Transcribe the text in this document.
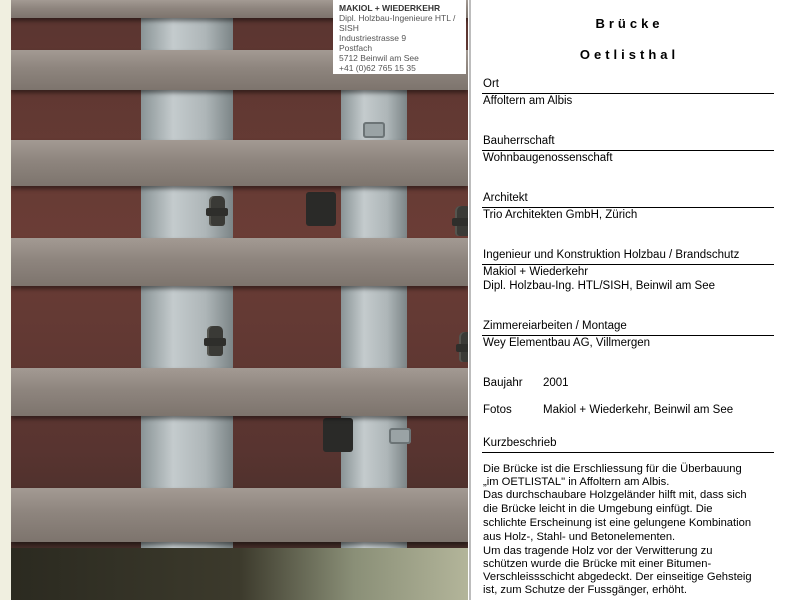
MAKIOL + WIEDERKEHR
Dipl. Holzbau-Ingenieure HTL /
SISH
Industriestrasse 9
Postfach
5712 Beinwil am See
+41 (0)62 765 15 35
Brücke
Oetlisthal
Ort
Affoltern am Albis
Bauherrschaft
Wohnbaugenossenschaft
Architekt
Trio Architekten GmbH, Zürich
Ingenieur und Konstruktion Holzbau / Brandschutz
Makiol + Wiederkehr
Dipl. Holzbau-Ing. HTL/SISH, Beinwil am See
Zimmereiarbeiten / Montage
Wey Elementbau AG, Villmergen
Baujahr 2001
Fotos	Makiol + Wiederkehr, Beinwil am See
Kurzbeschrieb
Die Brücke ist die Erschliessung für die Überbauung
„im OETLISTAL" in Affoltern am Albis.
Das durchschaubare Holzgeländer hilft mit, dass sich
die Brücke leicht in die Umgebung einfügt. Die
schlichte Erscheinung ist eine gelungene Kombination
aus Holz-, Stahl- und Betonelementen.
Um das tragende Holz vor der Verwitterung zu
schützen wurde die Brücke mit einer Bitumen-
Verschleissschicht abgedeckt. Der einseitige Gehsteig
ist, zum Schutze der Fussgänger, erhöht.
